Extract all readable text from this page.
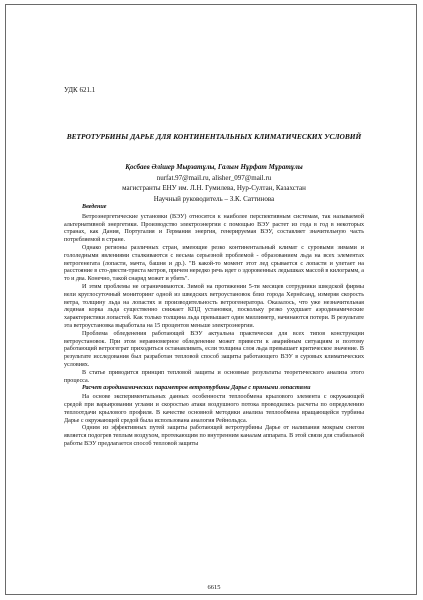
УДК 621.1
ВЕТРОТУРБИНЫ ДАРЬЕ ДЛЯ КОНТИНЕНТАЛЬНЫХ КЛИМАТИЧЕСКИХ УСЛОВИЙ
Қосбаев Әлішер Мырзатұлы, Галым Нұрфат Мұратұлы
nurfat.97@mail.ru, alisher_097@mail.ru
магистранты ЕНУ им. Л.Н. Гумилева, Нур-Султан, Казахстан
Научный руководитель – З.К. Саттинова
Введение

Ветроэнергетические установки (ВЭУ) относятся к наиболее перспективным системам, так называемой альтернативной энергетики. Производство электроэнергии с помощью ВЭУ растет из года в год в некоторых странах, как Дания, Португалия и Германия энергия, генерируемая ВЭУ, составляет значительную часть потребляемой в стране.

Однако регионы различных стран, имеющие резко континентальный климат с суровыми зимами и гололедными явлениями сталкиваются с весьма серьезной проблемой - образованием льда на всех элементах ветрогенегата (лопасти, мачта, башня и др.). "В какой-то момент этот лед срывается с лопасти и улетает на расстояние в сто-двести-триста метров, причем нередко речь идет о здоровенных ледышках массой в килограмм, а то и два. Конечно, такой снаряд может и убить".

И этим проблемы не ограничиваются. Зимой на протяжении 5-ти месяцев сотрудники шведской фирмы вели круглосуточный мониторинг одной из шведских ветроустановок близ города Хернёсанд, измеряя скорость ветра, толщину льда на лопастях и производительность ветрогенератора. Оказалось, что уже незначительная ледяная корка льда существенно снижает КПД установки, поскольку резко ухудшает аэродинамические характеристики лопастей. Как только толщина льда превышает один миллиметр, начинаются потери. В результате эта ветроустановка выработала на 15 процентов меньше электроэнергии.

Проблема обледенения работающей ВЭУ актуальна практически для всех типов конструкции ветроустановок. При этом неравномерное обледенение может привести к аварийным ситуациям и поэтому работающий ветрогеграт приходиться останавливать, если толщина слоя льда превышает критическое значение. В результате исследования был разработан тепловой способ защиты работающего ВЭУ в суровых климатических условиях.

В статье приводится принцип тепловой защиты и основные результаты теоретического анализа этого процесса.

Расчет аэродинамических параметров ветротурбины Дарье с прямыми лопастями

На основе экспериментальных данных особенности теплообмена крылового элемента с окружающей средой при варьировании углами и скоростью атаки воздушного потока проводились расчеты по определению теплоотдачи крылового профиля. В качестве основной методики анализа теплообмена вращающейся турбины Дарье с окружающей средой была использована аналогия Рейнольдса.

Одним из эффективных путей защиты работающей ветротурбины Дарье от налипания мокрым снегом является подогрев теплым воздухом, протекающим по внутренним каналам аппарата. В этой связи для стабильной работы ВЭУ предлагается способ тепловой защиты

6615
